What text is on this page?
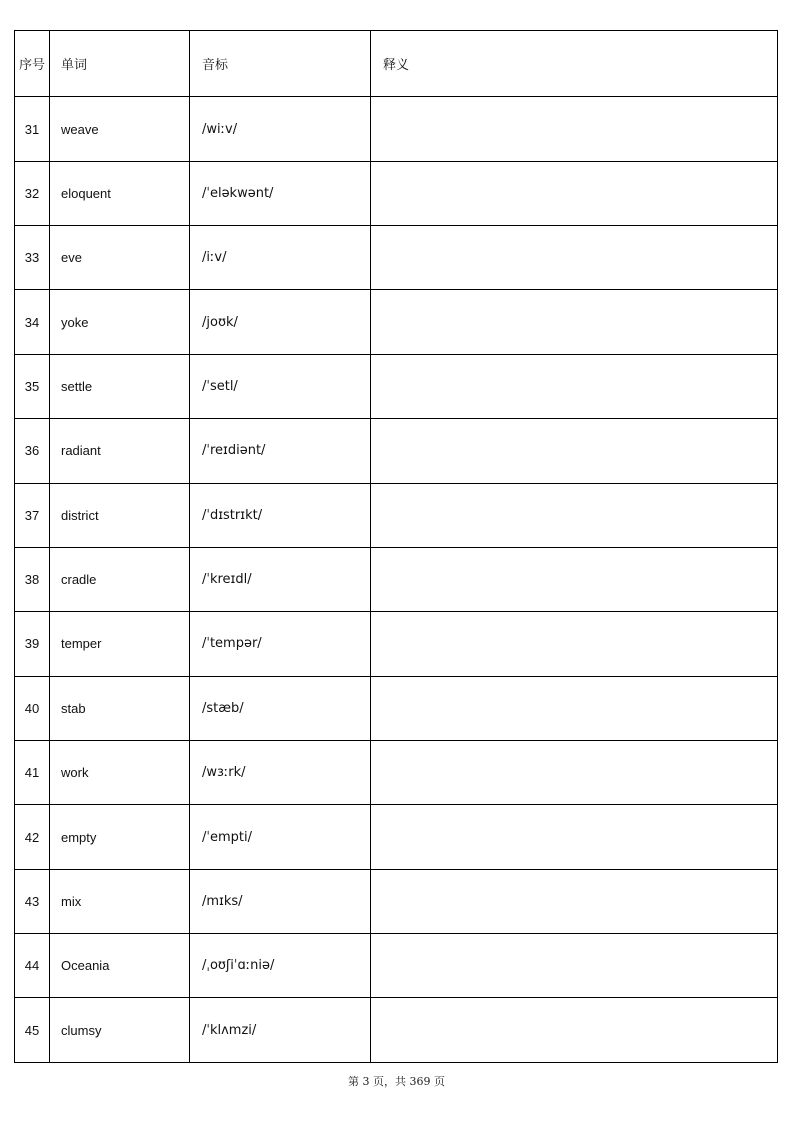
序号	单词	音标	释义
31	weave	/wiːv/	
32	eloquent	/ˈeləkwənt/	
33	eve	/iːv/	
34	yoke	/joʊk/	
35	settle	/ˈsetl/	
36	radiant	/ˈreɪdiənt/	
37	district	/ˈdɪstrɪkt/	
38	cradle	/ˈkreɪdl/	
39	temper	/ˈtempər/	
40	stab	/stæb/	
41	work	/wɜːrk/	
42	empty	/ˈempti/	
43	mix	/mɪks/	
44	Oceania	/ˌoʊʃiˈɑːniə/	
45	clumsy	/ˈklʌmzi/	
第 3 页，共 369 页
